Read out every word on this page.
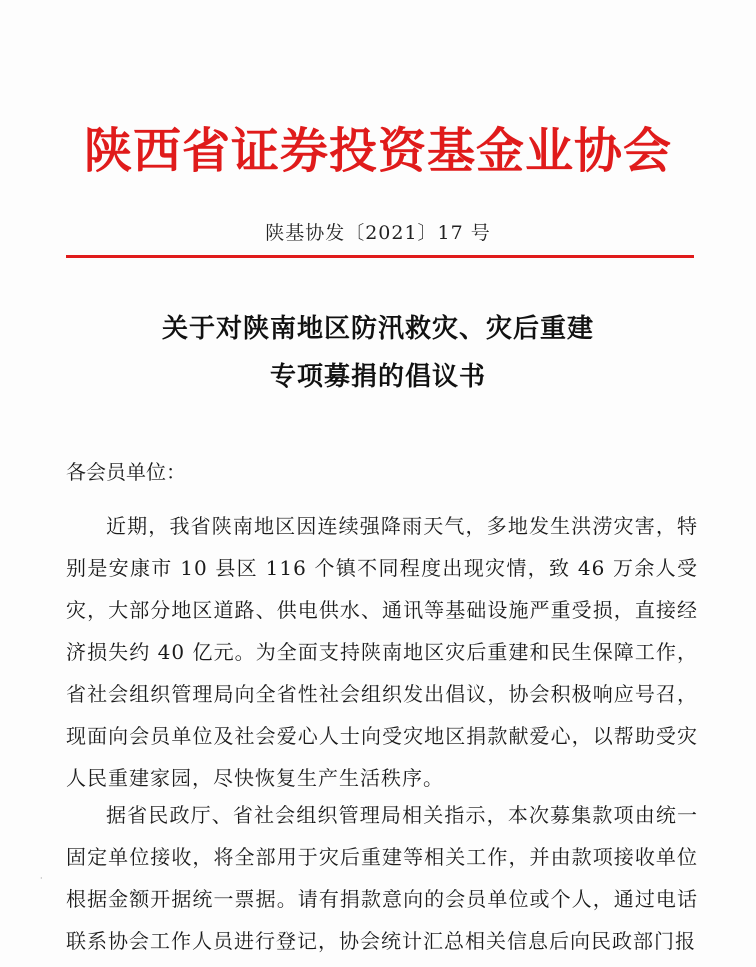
陕西省证券投资基金业协会
陕基协发〔2021〕17 号
关于对陕南地区防汛救灾、灾后重建
专项募捐的倡议书
各会员单位：
近期，我省陕南地区因连续强降雨天气，多地发生洪涝灾害，特别是安康市 10 县区 116 个镇不同程度出现灾情，致 46 万余人受灾，大部分地区道路、供电供水、通讯等基础设施严重受损，直接经济损失约 40 亿元。为全面支持陕南地区灾后重建和民生保障工作，省社会组织管理局向全省性社会组织发出倡议，协会积极响应号召，现面向会员单位及社会爱心人士向受灾地区捐款献爱心，以帮助受灾人民重建家园，尽快恢复生产生活秩序。
据省民政厅、省社会组织管理局相关指示，本次募集款项由统一固定单位接收，将全部用于灾后重建等相关工作，并由款项接收单位根据金额开据统一票据。请有捐款意向的会员单位或个人，通过电话联系协会工作人员进行登记，协会统计汇总相关信息后向民政部门报
·
